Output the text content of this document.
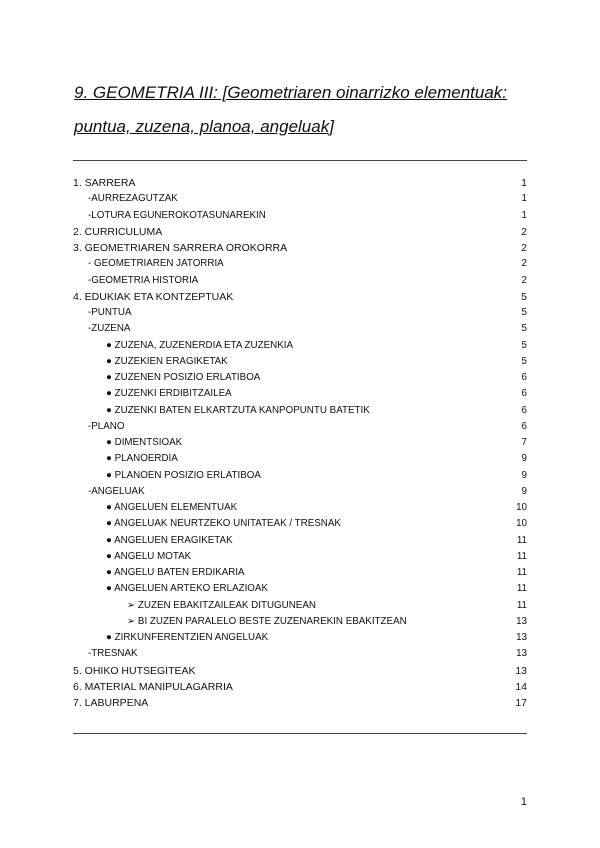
9. GEOMETRIA III: [Geometriaren oinarrizko elementuak: puntua, zuzena, planoa, angeluak]
1. SARRERA	1
-AURREZAGUTZAK	1
-LOTURA EGUNEROKOTASUNAREKIN	1
2. CURRICULUMA	2
3. GEOMETRIAREN SARRERA OROKORRA	2
- GEOMETRIAREN JATORRIA	2
-GEOMETRIA HISTORIA	2
4. EDUKIAK ETA KONTZEPTUAK	5
-PUNTUA	5
-ZUZENA	5
● ZUZENA, ZUZENERDIA ETA ZUZENKIA	5
● ZUZEKIEN ERAGIKETAK	5
● ZUZENEN POSIZIO ERLATIBOA	6
● ZUZENKI ERDIBITZAILEA	6
● ZUZENKI BATEN ELKARTZUTA KANPOPUNTU BATETIK	6
-PLANO	6
● DIMENTSIOAK	7
● PLANOERDIA	9
● PLANOEN POSIZIO ERLATIBOA	9
-ANGELUAK	9
● ANGELUEN ELEMENTUAK	10
● ANGELUAK NEURTZEKO UNITATEAK / TRESNAK	10
● ANGELUEN ERAGIKETAK	11
● ANGELU MOTAK	11
● ANGELU BATEN ERDIKARIA	11
● ANGELUEN ARTEKO ERLAZIOAK	11
➢ ZUZEN EBAKITZAILEAK DITUGUNEAN	11
➢ BI ZUZEN PARALELO BESTE ZUZENAREKIN EBAKITZEAN	13
● ZIRKUNFERENTZIEN ANGELUAK	13
-TRESNAK	13
5. OHIKO HUTSEGITEAK	13
6. MATERIAL MANIPULAGARRIA	14
7. LABURPENA	17
1
